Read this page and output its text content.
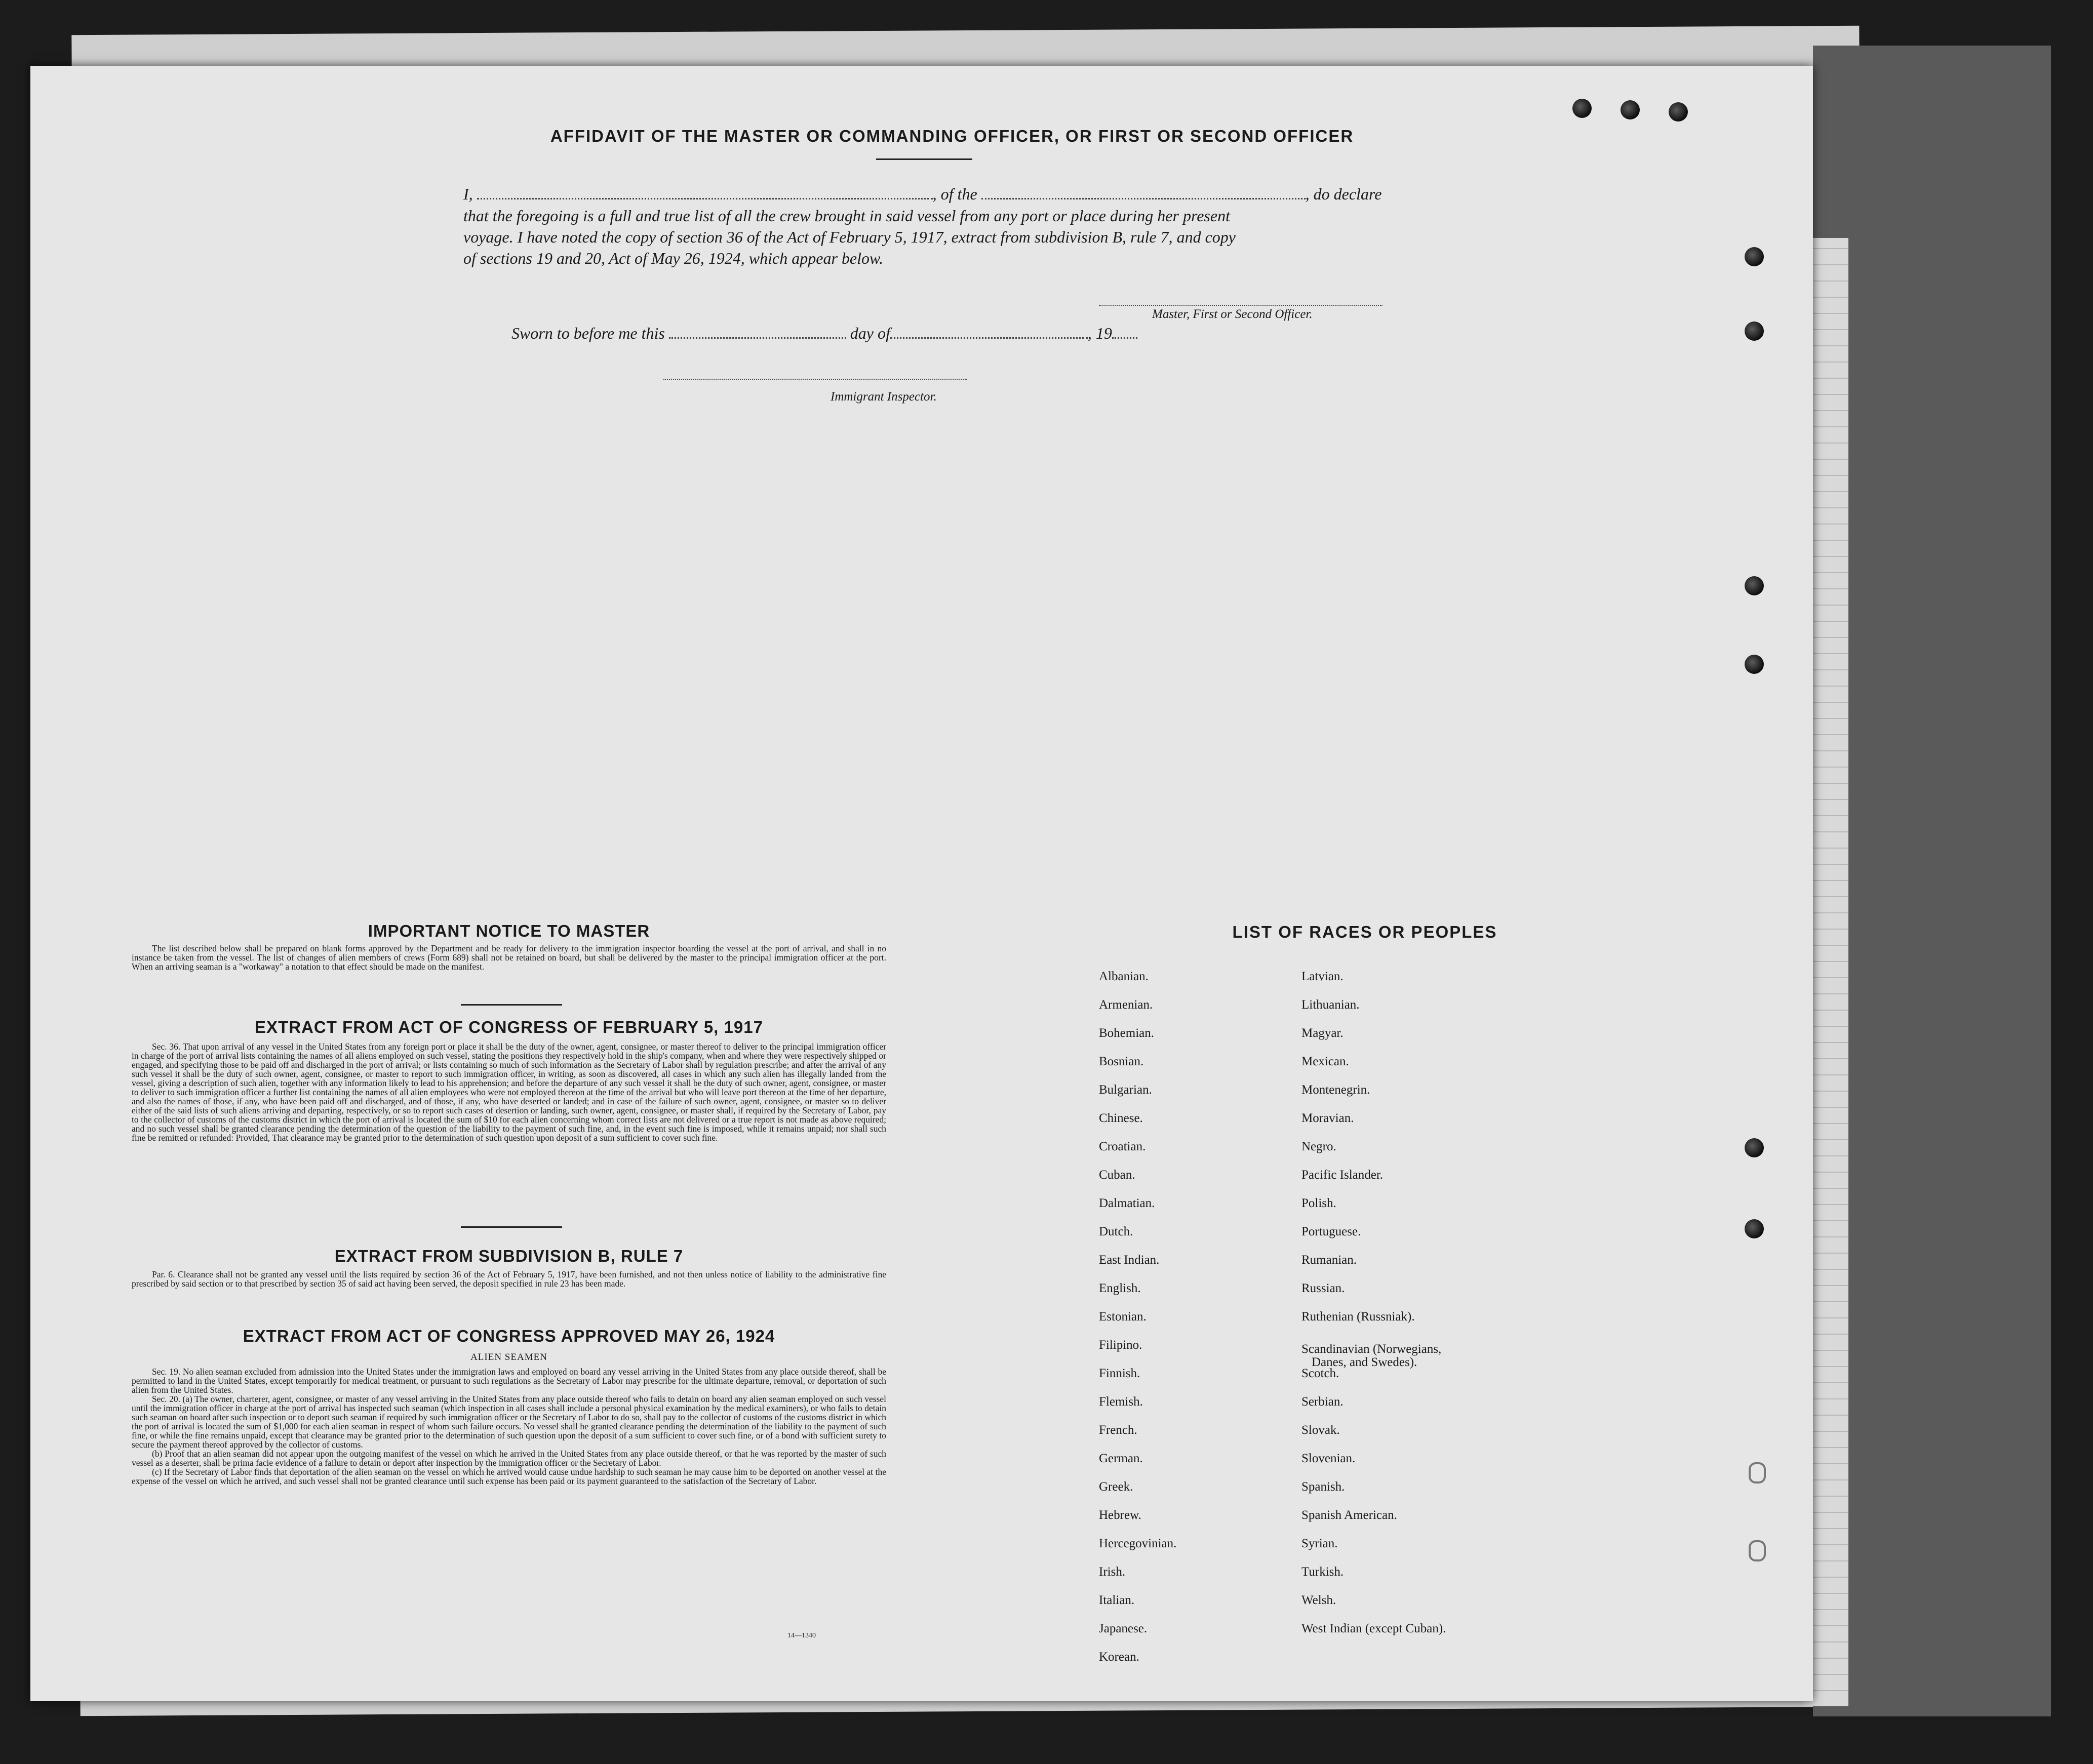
AFFIDAVIT OF THE MASTER OR COMMANDING OFFICER, OR FIRST OR SECOND OFFICER
I,	, of the	, do declare
that the foregoing is a full and true list of all the crew brought in said vessel from any port or place during her present
voyage. I have noted the copy of section 36 of the Act of February 5, 1917, extract from subdivision B, rule 7, and copy
of sections 19 and 20, Act of May 26, 1924, which appear below.
Master, First or Second Officer.
Sworn to before me this	day of	, 19
Immigrant Inspector.
IMPORTANT NOTICE TO MASTER

The list described below shall be prepared on blank forms approved by the Department and be ready for delivery to the immigration inspector boarding the vessel at the port of arrival, and shall in no instance be taken from the vessel. The list of changes of alien members of crews (Form 689) shall not be retained on board, but shall be delivered by the master to the principal immigration officer at the port. When an arriving seaman is a "workaway" a notation to that effect should be made on the manifest.

EXTRACT FROM ACT OF CONGRESS OF FEBRUARY 5, 1917

Sec. 36. That upon arrival of any vessel in the United States from any foreign port or place it shall be the duty of the owner, agent, consignee, or master thereof to deliver to the principal immigration officer in charge of the port of arrival lists containing the names of all aliens employed on such vessel, stating the positions they respectively hold in the ship's company, when and where they were respectively shipped or engaged, and specifying those to be paid off and discharged in the port of arrival; or lists containing so much of such information as the Secretary of Labor shall by regulation prescribe; and after the arrival of any such vessel it shall be the duty of such owner, agent, consignee, or master to report to such immigration officer, in writing, as soon as discovered, all cases in which any such alien has illegally landed from the vessel, giving a description of such alien, together with any information likely to lead to his apprehension; and before the departure of any such vessel it shall be the duty of such owner, agent, consignee, or master to deliver to such immigration officer a further list containing the names of all alien employees who were not employed thereon at the time of the arrival but who will leave port thereon at the time of her departure, and also the names of those, if any, who have been paid off and discharged, and of those, if any, who have deserted or landed; and in case of the failure of such owner, agent, consignee, or master so to deliver either of the said lists of such aliens arriving and departing, respectively, or so to report such cases of desertion or landing, such owner, agent, consignee, or master shall, if required by the Secretary of Labor, pay to the collector of customs of the customs district in which the port of arrival is located the sum of $10 for each alien concerning whom correct lists are not delivered or a true report is not made as above required; and no such vessel shall be granted clearance pending the determination of the question of the liability to the payment of such fine, and, in the event such fine is imposed, while it remains unpaid; nor shall such fine be remitted or refunded: Provided, That clearance may be granted prior to the determination of such question upon deposit of a sum sufficient to cover such fine.

EXTRACT FROM SUBDIVISION B, RULE 7

Par. 6. Clearance shall not be granted any vessel until the lists required by section 36 of the Act of February 5, 1917, have been furnished, and not then unless notice of liability to the administrative fine prescribed by said section or to that prescribed by section 35 of said act having been served, the deposit specified in rule 23 has been made.

EXTRACT FROM ACT OF CONGRESS APPROVED MAY 26, 1924
ALIEN SEAMEN

Sec. 19. No alien seaman excluded from admission into the United States under the immigration laws and employed on board any vessel arriving in the United States from any place outside thereof, shall be permitted to land in the United States, except temporarily for medical treatment, or pursuant to such regulations as the Secretary of Labor may prescribe for the ultimate departure, removal, or deportation of such alien from the United States.

Sec. 20. (a) The owner, charterer, agent, consignee, or master of any vessel arriving in the United States from any place outside thereof who fails to detain on board any alien seaman employed on such vessel until the immigration officer in charge at the port of arrival has inspected such seaman (which inspection in all cases shall include a personal physical examination by the medical examiners), or who fails to detain such seaman on board after such inspection or to deport such seaman if required by such immigration officer or the Secretary of Labor to do so, shall pay to the collector of customs of the customs district in which the port of arrival is located the sum of $1,000 for each alien seaman in respect of whom such failure occurs. No vessel shall be granted clearance pending the determination of the liability to the payment of such fine, or while the fine remains unpaid, except that clearance may be granted prior to the determination of such question upon the deposit of a sum sufficient to cover such fine, or of a bond with sufficient surety to secure the payment thereof approved by the collector of customs.

(b) Proof that an alien seaman did not appear upon the outgoing manifest of the vessel on which he arrived in the United States from any place outside thereof, or that he was reported by the master of such vessel as a deserter, shall be prima facie evidence of a failure to detain or deport after inspection by the immigration officer or the Secretary of Labor.

(c) If the Secretary of Labor finds that deportation of the alien seaman on the vessel on which he arrived would cause undue hardship to such seaman he may cause him to be deported on another vessel at the expense of the vessel on which he arrived, and such vessel shall not be granted clearance until such expense has been paid or its payment guaranteed to the satisfaction of the Secretary of Labor.

14—1340
LIST OF RACES OR PEOPLES
Albanian.
Armenian.
Bohemian.
Bosnian.
Bulgarian.
Chinese.
Croatian.
Cuban.
Dalmatian.
Dutch.
East Indian.
English.
Estonian.
Filipino.
Finnish.
Flemish.
French.
German.
Greek.
Hebrew.
Hercegovinian.
Irish.
Italian.
Japanese.
Korean.
Latvian.
Lithuanian.
Magyar.
Mexican.
Montenegrin.
Moravian.
Negro.
Pacific Islander.
Polish.
Portuguese.
Rumanian.
Russian.
Ruthenian (Russniak).
Scandinavian (Norwegians,
Danes, and Swedes).
Scotch.
Serbian.
Slovak.
Slovenian.
Spanish.
Spanish American.
Syrian.
Turkish.
Welsh.
West Indian (except Cuban).
